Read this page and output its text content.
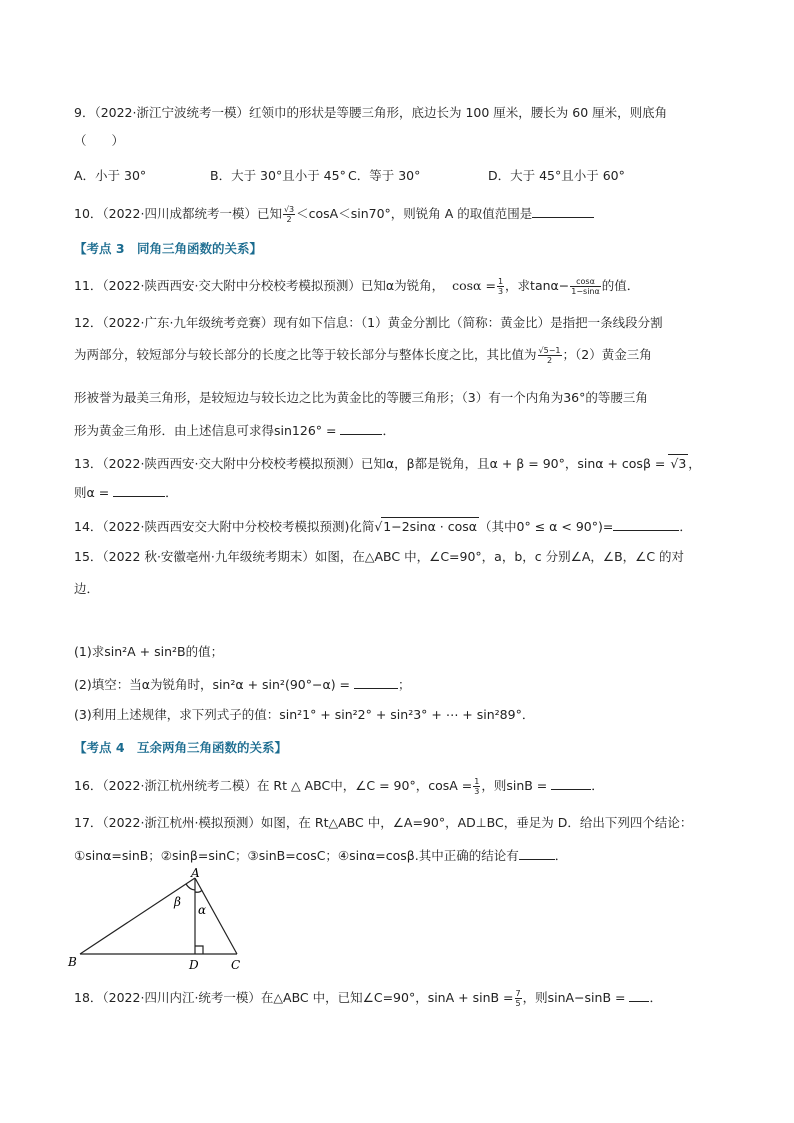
9．（2022·浙江宁波统考一模）红领巾的形状是等腰三角形，底边长为 100 厘米，腰长为 60 厘米，则底角
（　　）
A．小于 30°	B．大于 30°且小于 45° C．等于 30°	D．大于 45°且小于 60°
10．（2022·四川成都统考一模）已知 $\frac{√3}{2} <\cos A<\sin 70^\circ$，则锐角 A 的取值范围是
【考点 3　同角三角函数的关系】
11．（2022·陕西西安·交大附中分校校考模拟预测）已知α为锐角， $\cos\alpha = \frac{1}{3}$ ，求$\tan\alpha- \frac{\cos\alpha}{1-\sin\alpha}$ 的值．
12．（2022·广东·九年级统考竞赛）现有如下信息：（1）黄金分割比（简称：黄金比）是指把一条线段分割
为两部分，较短部分与较长部分的长度之比等于较长部分与整体长度之比，其比值为 $\frac{√5-1}{2}$ ；（2）黄金三角
形被誉为最美三角形，是较短边与较长边之比为黄金比的等腰三角形；（3）有一个内角为36°的等腰三角
形为黄金三角形．由上述信息可求得sin126° =	．
13．（2022·陕西西安·交大附中分校校考模拟预测）已知α，β都是锐角，且α + β = 90°，sinα + cosβ = √3 ，
则α =	．
14．（2022·陕西西安交大附中分校校考模拟预测)化简√1−2sinα · cosα （其中0° ≤ α < 90°)=	．
15．（2022 秋·安徽亳州·九年级统考期末）如图，在△ABC 中，∠C=90°，a，b，c 分别∠A，∠B，∠C 的对
边．
(1)求sin²A + sin²B的值；
(2)填空：当α为锐角时，sin²α + sin²(90°−α) =	；
(3)利用上述规律，求下列式子的值：sin²1° + sin²2° + sin²3° + ⋯ + sin²89°．
【考点 4　互余两角三角函数的关系】
16．（2022·浙江杭州统考二模）在 Rt △ ABC中，∠C = 90°，$\cos A = \frac{1}{3}$ ，则sinB =	．
17．（2022·浙江杭州·模拟预测）如图，在 Rt△ABC 中，∠A=90°，AD⊥BC，垂足为 D．给出下列四个结论：
①sinα=sinB；②sinβ=sinC；③sinB=cosC；④sinα=cosβ.其中正确的结论有	．
A
B	D	C
β
α
18．（2022·四川内江·统考一模）在△ABC 中，已知∠C=90°，$\sin A + \sin B = \frac{7}{5}$ ，则sinA−sinB = ．
